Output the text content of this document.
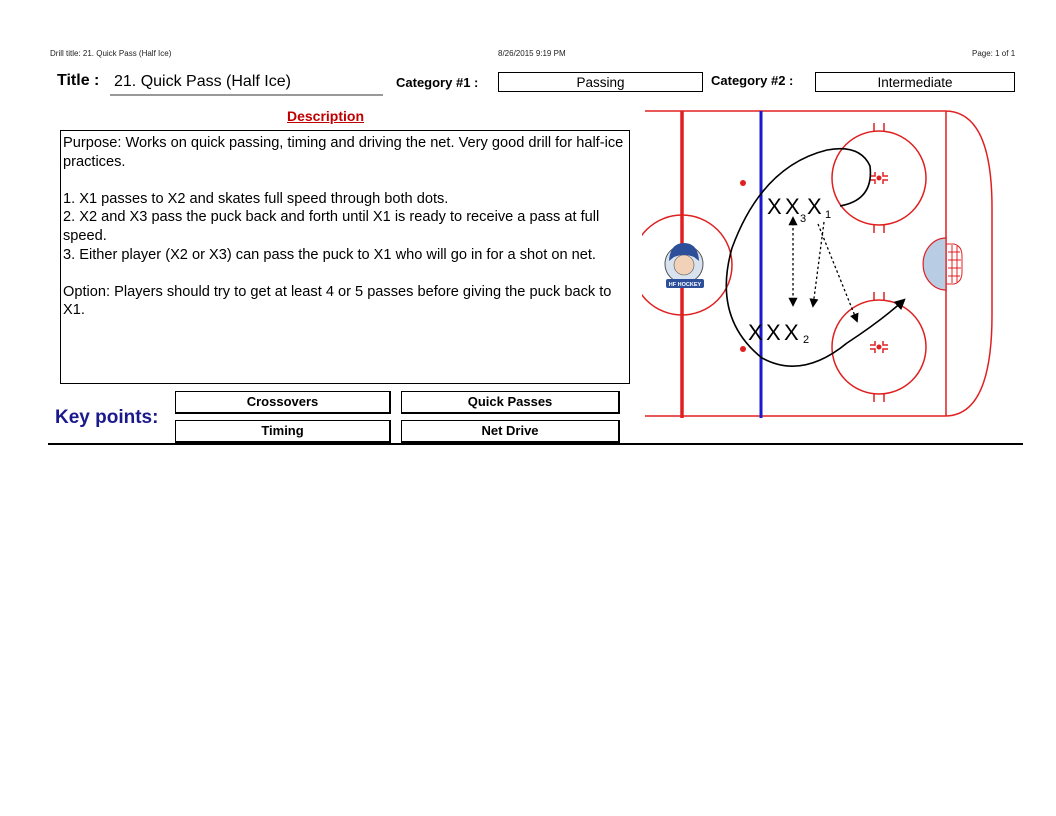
Drill title: 21. Quick Pass (Half Ice)	8/26/2015 9:19 PM	Page: 1 of 1
Title : 21. Quick Pass (Half Ice)	Category #1 :	Passing	Category #2 :	Intermediate
Description

Purpose: Works on quick passing, timing and driving the net. Very good drill for half-ice practices.

1. X1 passes to X2 and skates full speed through both dots.
2. X2 and X3 pass the puck back and forth until X1 is ready to receive a pass at full speed.
3. Either player (X2 or X3) can pass the puck to X1 who will go in for a shot on net.

Option: Players should try to get at least 4 or 5 passes before giving the puck back to X1.

Key points:
Crossovers	Quick Passes
Timing	Net Drive
HF HOCKEY
X X 3 X 1
X X X 2
